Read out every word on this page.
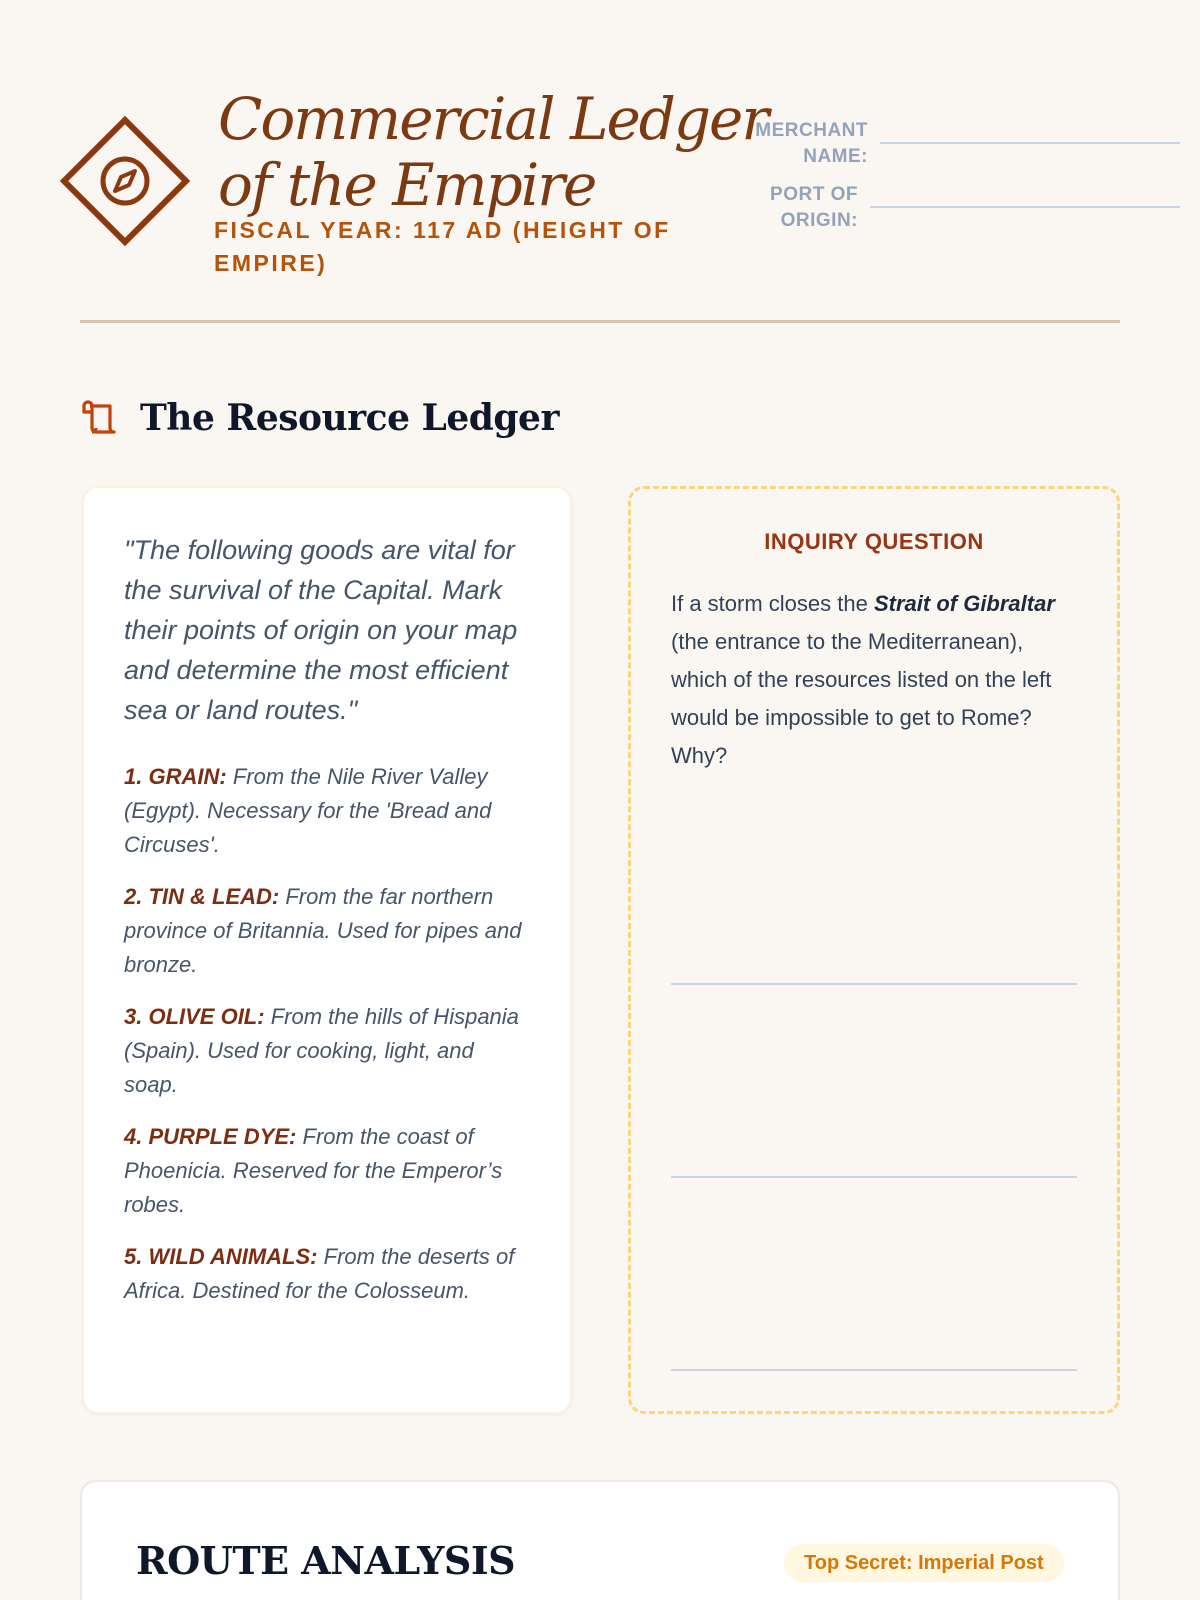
Commercial Ledger of the Empire
FISCAL YEAR: 117 AD (HEIGHT OF EMPIRE)
MERCHANT NAME:
PORT OF ORIGIN:
The Resource Ledger

"The following goods are vital for the survival of the Capital. Mark their points of origin on your map and determine the most efficient sea or land routes."

1. GRAIN: From the Nile River Valley (Egypt). Necessary for the 'Bread and Circuses'.

2. TIN & LEAD: From the far northern province of Britannia. Used for pipes and bronze.

3. OLIVE OIL: From the hills of Hispania (Spain). Used for cooking, light, and soap.

4. PURPLE DYE: From the coast of Phoenicia. Reserved for the Emperor’s robes.

5. WILD ANIMALS: From the deserts of Africa. Destined for the Colosseum.

INQUIRY QUESTION

If a storm closes the Strait of Gibraltar (the entrance to the Mediterranean), which of the resources listed on the left would be impossible to get to Rome? Why?

ROUTE ANALYSIS	Top Secret: Imperial Post
